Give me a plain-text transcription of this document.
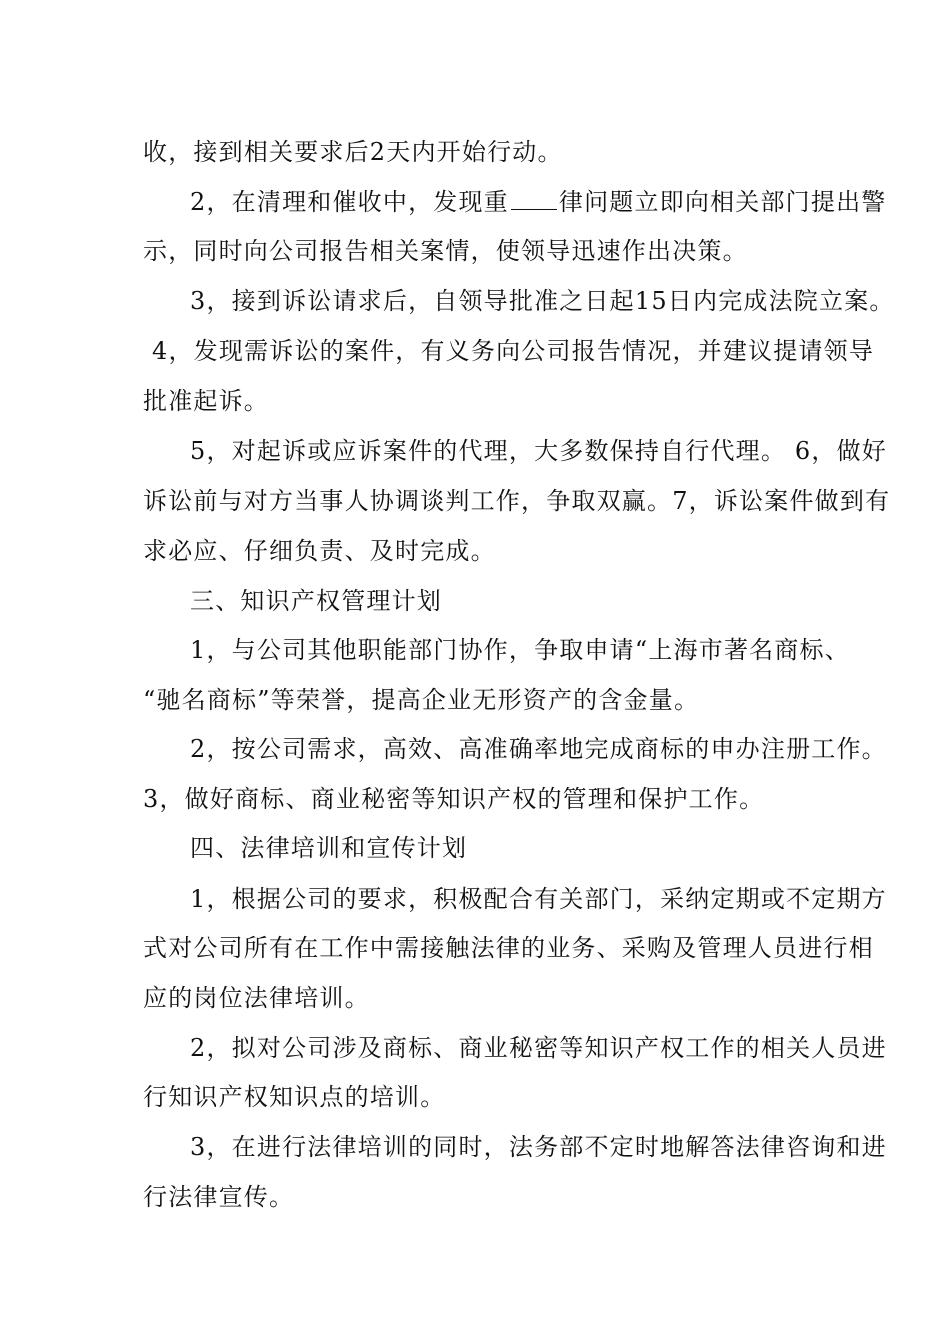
收，接到相关要求后2天内开始行动。
2，在清理和催收中，发现重 律问题立即向相关部门提出警
示，同时向公司报告相关案情，使领导迅速作出决策。
3，接到诉讼请求后，自领导批准之日起15日内完成法院立案。
4，发现需诉讼的案件，有义务向公司报告情况，并建议提请领导
批准起诉。
5，对起诉或应诉案件的代理，大多数保持自行代理。 6，做好
诉讼前与对方当事人协调谈判工作，争取双赢。7，诉讼案件做到有
求必应、仔细负责、及时完成。
三、知识产权管理计划
1，与公司其他职能部门协作，争取申请“上海市著名商标、
“驰名商标”等荣誉，提高企业无形资产的含金量。
2，按公司需求，高效、高准确率地完成商标的申办注册工作。
3，做好商标、商业秘密等知识产权的管理和保护工作。
四、法律培训和宣传计划
1，根据公司的要求，积极配合有关部门，采纳定期或不定期方
式对公司所有在工作中需接触法律的业务、采购及管理人员进行相
应的岗位法律培训。
2，拟对公司涉及商标、商业秘密等知识产权工作的相关人员进
行知识产权知识点的培训。
3，在进行法律培训的同时，法务部不定时地解答法律咨询和进
行法律宣传。
